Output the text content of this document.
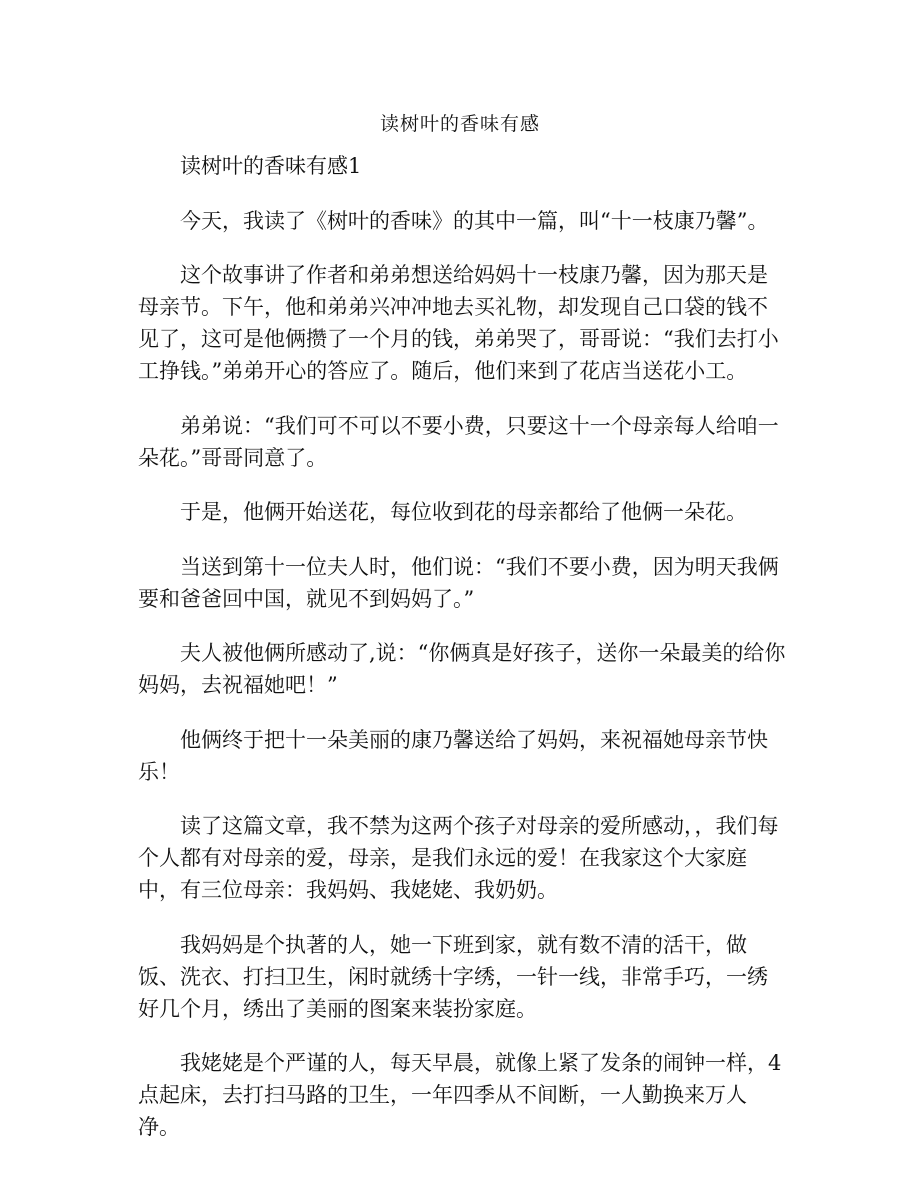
读树叶的香味有感

读树叶的香味有感1

今天，我读了《树叶的香味》的其中一篇，叫“十一枝康乃馨”。

这个故事讲了作者和弟弟想送给妈妈十一枝康乃馨，因为那天是母亲节。下午，他和弟弟兴冲冲地去买礼物，却发现自己口袋的钱不见了，这可是他俩攒了一个月的钱，弟弟哭了，哥哥说：“我们去打小工挣钱。”弟弟开心的答应了。随后，他们来到了花店当送花小工。

弟弟说：“我们可不可以不要小费，只要这十一个母亲每人给咱一朵花。”哥哥同意了。

于是，他俩开始送花，每位收到花的母亲都给了他俩一朵花。

当送到第十一位夫人时，他们说：“我们不要小费，因为明天我俩要和爸爸回中国，就见不到妈妈了。”

夫人被他俩所感动了,说：“你俩真是好孩子，送你一朵最美的给你妈妈，去祝福她吧！”

他俩终于把十一朵美丽的康乃馨送给了妈妈，来祝福她母亲节快乐！

读了这篇文章，我不禁为这两个孩子对母亲的爱所感动，，我们每个人都有对母亲的爱，母亲，是我们永远的爱！在我家这个大家庭中，有三位母亲：我妈妈、我姥姥、我奶奶。

我妈妈是个执著的人，她一下班到家，就有数不清的活干，做饭、洗衣、打扫卫生，闲时就绣十字绣，一针一线，非常手巧，一绣好几个月，绣出了美丽的图案来装扮家庭。

我姥姥是个严谨的人，每天早晨，就像上紧了发条的闹钟一样，4点起床，去打扫马路的卫生，一年四季从不间断，一人勤换来万人净。
